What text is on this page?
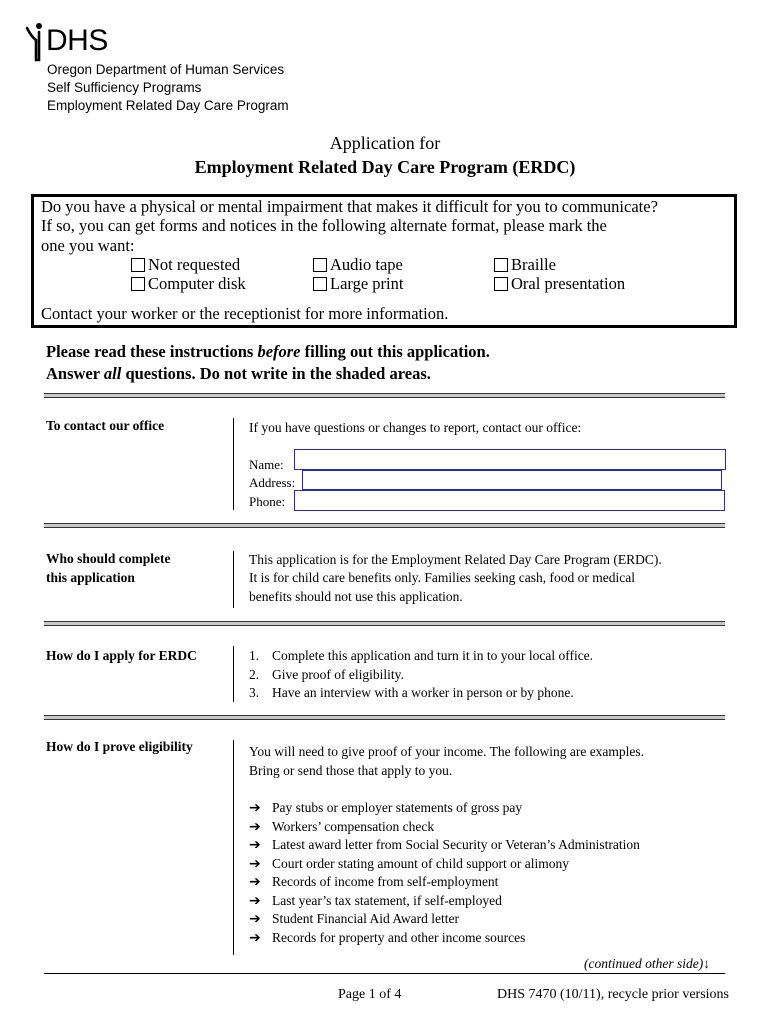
DHS
Oregon Department of Human Services
Self Sufficiency Programs
Employment Related Day Care Program
Application for
Employment Related Day Care Program (ERDC)
Do you have a physical or mental impairment that makes it difficult for you to communicate?
If so, you can get forms and notices in the following alternate format, please mark the
one you want:
Not requested	Audio tape	Braille
Computer disk	Large print	Oral presentation
Contact your worker or the receptionist for more information.
Please read these instructions before filling out this application.
Answer all questions. Do not write in the shaded areas.
To contact our office	If you have questions or changes to report, contact our office:
Name:
Address:
Phone:
Who should complete
this application
This application is for the Employment Related Day Care Program (ERDC).
It is for child care benefits only. Families seeking cash, food or medical
benefits should not use this application.
How do I apply for ERDC	1. Complete this application and turn it in to your local office.
2. Give proof of eligibility.
3. Have an interview with a worker in person or by phone.
How do I prove eligibility	You will need to give proof of your income. The following are examples.
Bring or send those that apply to you.
➔ Pay stubs or employer statements of gross pay
➔ Workers’ compensation check
➔ Latest award letter from Social Security or Veteran’s Administration
➔ Court order stating amount of child support or alimony
➔ Records of income from self-employment
➔ Last year’s tax statement, if self-employed
➔ Student Financial Aid Award letter
➔ Records for property and other income sources
(continued other side)↓
Page 1 of 4	DHS 7470 (10/11), recycle prior versions
